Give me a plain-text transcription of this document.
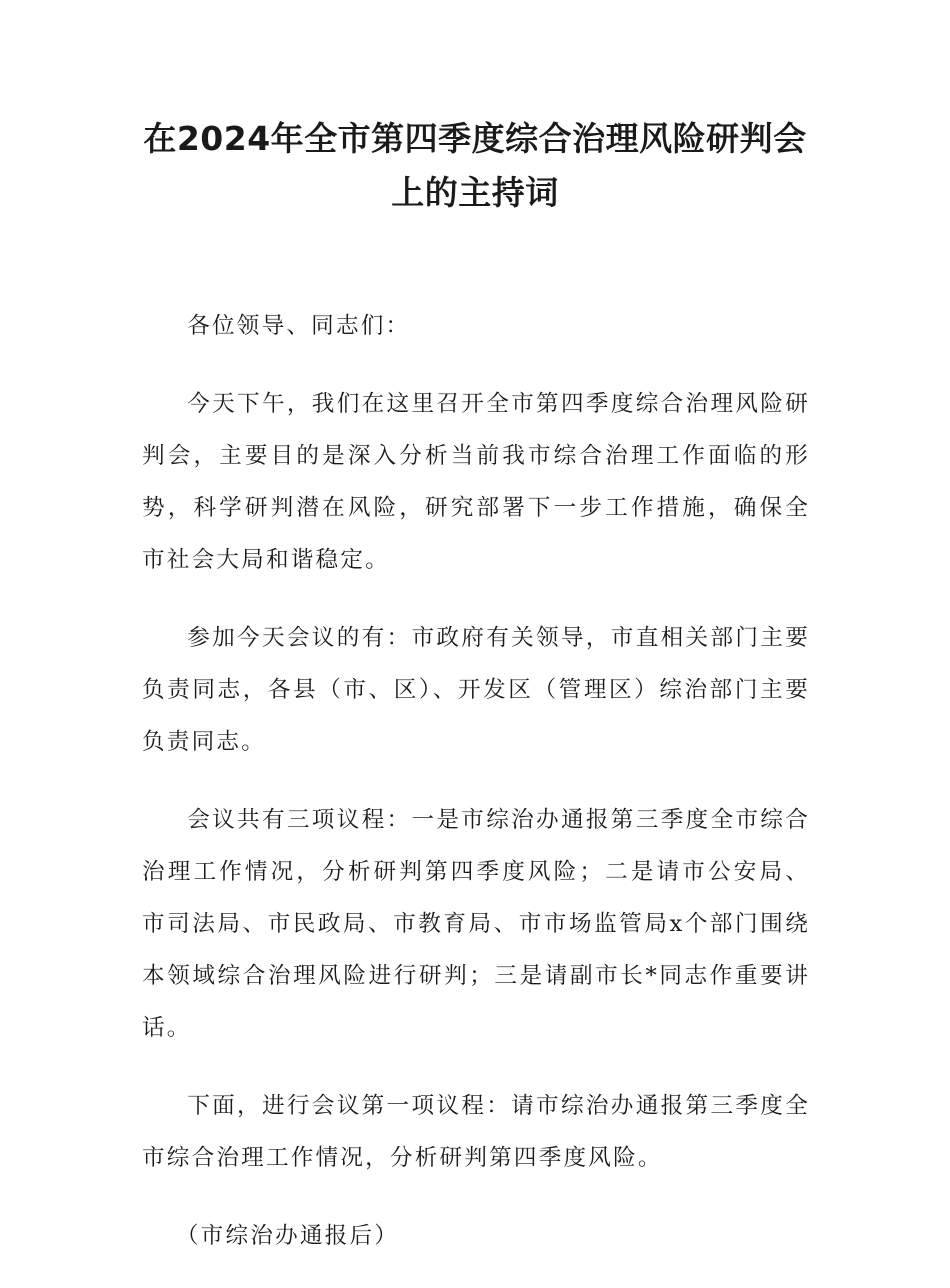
在2024年全市第四季度综合治理风险研判会
上的主持词

各位领导、同志们：

今天下午，我们在这里召开全市第四季度综合治理风险研判会，主要目的是深入分析当前我市综合治理工作面临的形势，科学研判潜在风险，研究部署下一步工作措施，确保全市社会大局和谐稳定。

参加今天会议的有：市政府有关领导，市直相关部门主要负责同志，各县（市、区）、开发区（管理区）综治部门主要负责同志。

会议共有三项议程：一是市综治办通报第三季度全市综合治理工作情况，分析研判第四季度风险；二是请市公安局、市司法局、市民政局、市教育局、市市场监管局x个部门围绕本领域综合治理风险进行研判；三是请副市长*同志作重要讲话。

下面，进行会议第一项议程：请市综治办通报第三季度全市综合治理工作情况，分析研判第四季度风险。

（市综治办通报后）
